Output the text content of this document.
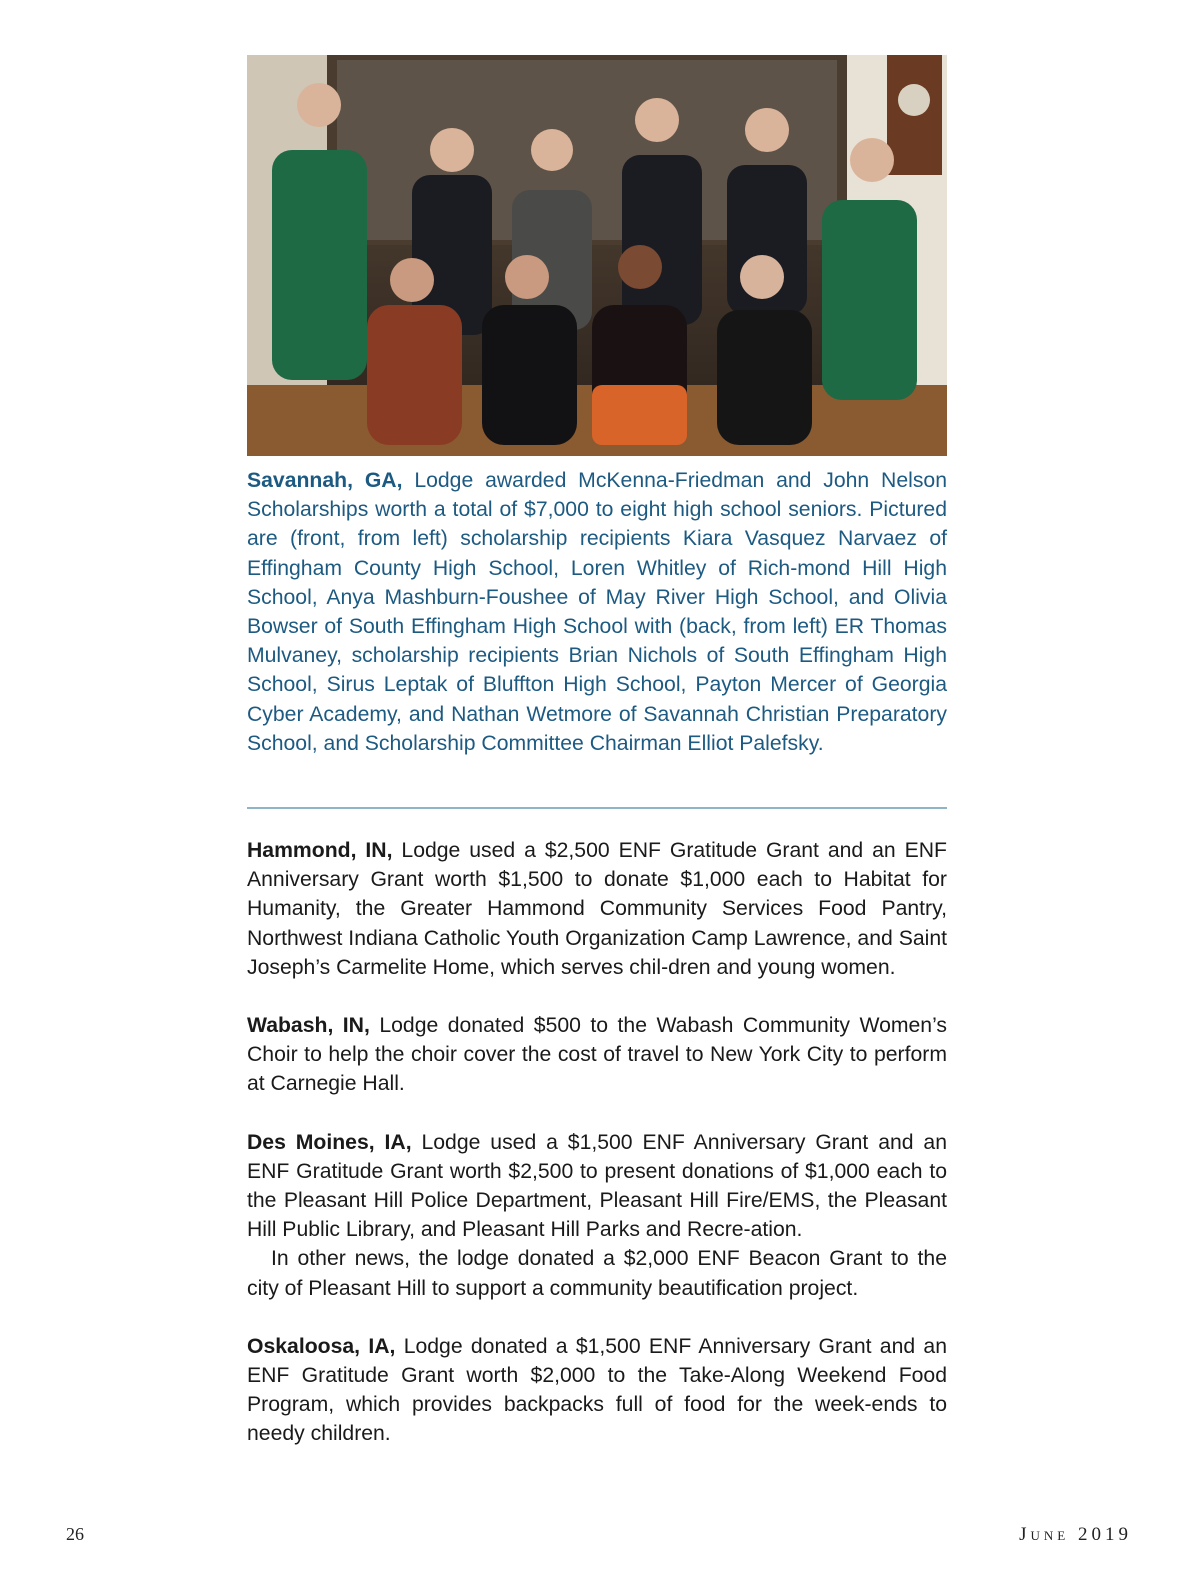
Savannah, GA, Lodge awarded McKenna-Friedman and John Nelson Scholarships worth a total of $7,000 to eight high school seniors. Pictured are (front, from left) scholarship recipients Kiara Vasquez Narvaez of Effingham County High School, Loren Whitley of Rich-mond Hill High School, Anya Mashburn-Foushee of May River High School, and Olivia Bowser of South Effingham High School with (back, from left) ER Thomas Mulvaney, scholarship recipients Brian Nichols of South Effingham High School, Sirus Leptak of Bluffton High School, Payton Mercer of Georgia Cyber Academy, and Nathan Wetmore of Savannah Christian Preparatory School, and Scholarship Committee Chairman Elliot Palefsky.

Hammond, IN, Lodge used a $2,500 ENF Gratitude Grant and an ENF Anniversary Grant worth $1,500 to donate $1,000 each to Habitat for Humanity, the Greater Hammond Community Services Food Pantry, Northwest Indiana Catholic Youth Organization Camp Lawrence, and Saint Joseph’s Carmelite Home, which serves chil-dren and young women.

Wabash, IN, Lodge donated $500 to the Wabash Community Women’s Choir to help the choir cover the cost of travel to New York City to perform at Carnegie Hall.

Des Moines, IA, Lodge used a $1,500 ENF Anniversary Grant and an ENF Gratitude Grant worth $2,500 to present donations of $1,000 each to the Pleasant Hill Police Department, Pleasant Hill Fire/EMS, the Pleasant Hill Public Library, and Pleasant Hill Parks and Recre-ation.

In other news, the lodge donated a $2,000 ENF Beacon Grant to the city of Pleasant Hill to support a community beautification project.

Oskaloosa, IA, Lodge donated a $1,500 ENF Anniversary Grant and an ENF Gratitude Grant worth $2,000 to the Take-Along Weekend Food Program, which provides backpacks full of food for the week-ends to needy children.

26	June 2019
